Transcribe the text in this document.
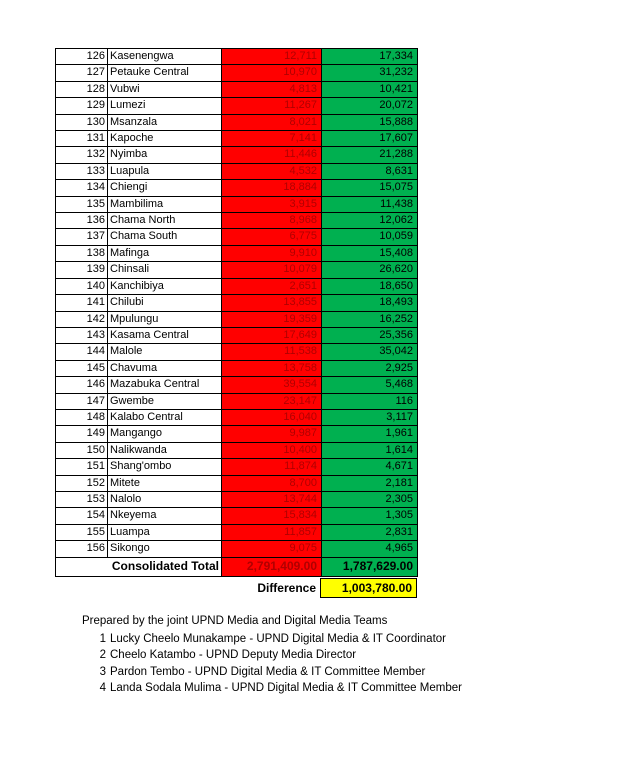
126	Kasenengwa	12,711	17,334
127	Petauke Central	10,970	31,232
128	Vubwi	4,813	10,421
129	Lumezi	11,267	20,072
130	Msanzala	8,021	15,888
131	Kapoche	7,141	17,607
132	Nyimba	11,446	21,288
133	Luapula	4,532	8,631
134	Chiengi	18,884	15,075
135	Mambilima	3,915	11,438
136	Chama North	8,968	12,062
137	Chama South	6,775	10,059
138	Mafinga	9,910	15,408
139	Chinsali	10,079	26,620
140	Kanchibiya	2,651	18,650
141	Chilubi	13,855	18,493
142	Mpulungu	19,359	16,252
143	Kasama Central	17,649	25,356
144	Malole	11,538	35,042
145	Chavuma	13,758	2,925
146	Mazabuka Central	39,554	5,468
147	Gwembe	23,147	116
148	Kalabo Central	16,040	3,117
149	Mangango	9,987	1,961
150	Nalikwanda	10,400	1,614
151	Shang'ombo	11,874	4,671
152	Mitete	8,700	2,181
153	Nalolo	13,744	2,305
154	Nkeyema	15,834	1,305
155	Luampa	11,857	2,831
156	Sikongo	9,075	4,965
Consolidated Total		2,791,409.00	1,787,629.00
Difference	1,003,780.00
Prepared by the joint UPND Media and Digital Media Teams
1 Lucky Cheelo Munakampe - UPND Digital Media & IT Coordinator
2 Cheelo Katambo - UPND Deputy Media Director
3 Pardon Tembo - UPND Digital Media & IT Committee Member
4 Landa Sodala Mulima - UPND Digital Media & IT Committee Member
